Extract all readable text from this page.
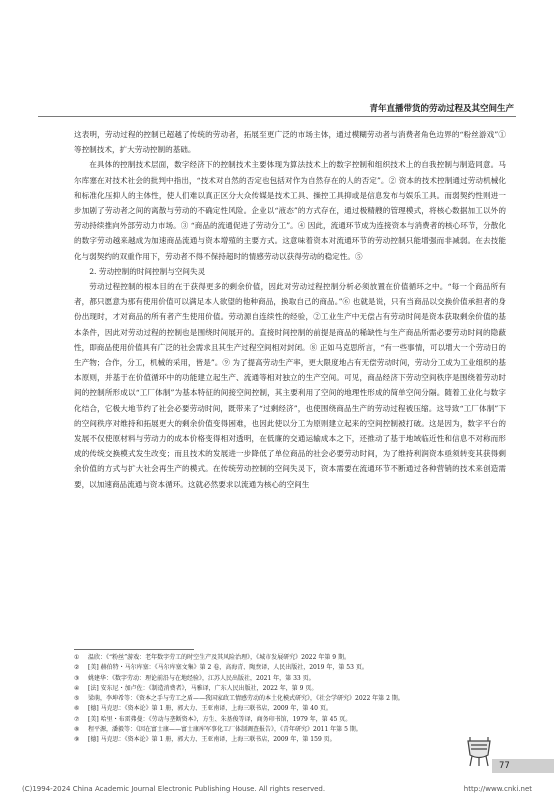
青年直播带货的劳动过程及其空间生产

这表明，劳动过程的控制已超越了传统的劳动者，拓展至更广泛的市场主体，通过模糊劳动者与消费者角色边界的“粉丝游戏”①等控制技术，扩大劳动控制的基础。

在具体的控制技术层面，数字经济下的控制技术主要体现为算法技术上的数字控制和组织技术上的自我控制与制造同意。马尔库塞在对技术社会的批判中指出，“技术对自然的否定也包括对作为自然存在的人的否定”。② 资本的技术控制通过劳动机械化和标准化压抑人的主体性，使人们难以真正区分大众传媒是技术工具、操控工具抑或是信息发布与娱乐工具。而弱契约性则进一步加剧了劳动者之间的离散与劳动的不确定性风险。企业以“液态”的方式存在，通过极精艘的管理模式，将核心数据加工以外的劳动持续推向外部劳动力市场。③ “商品的流通促进了劳动分工”。④ 因此，流通环节成为连接资本与消费者的核心环节，分散化的数字劳动越来越成为加速商品流通与资本增殖的主要方式。这意味着资本对流通环节的劳动控制只能增强而非减弱。在去技能化与弱契约的双重作用下，劳动者不得不保持超时的情感劳动以获得劳动的稳定性。⑤

2. 劳动控制的时间控制与空间失灵

劳动过程控制的根本目的在于获得更多的剩余价值，因此对劳动过程控制分析必须放置在价值循环之中。“每一个商品所有者，都只愿意为那有使用价值可以满足本人欲望的他种商品，换取自己的商品。”⑥ 也就是说，只有当商品以交换价值承担者的身份出现时，才对商品的所有者产生使用价值。劳动源自连续性的经验，②工业生产中无偿占有劳动时间是资本获取剩余价值的基本条件，因此对劳动过程的控制也是围绕时间展开的。直接时间控制的前提是商品的稀缺性与生产商品所需必要劳动时间的隐蔽性，即商品使用价值具有广泛的社会需求且其生产过程空间相对封闭。⑧ 正如马克思所言，“有一些事情，可以增大一个劳动日的生产物；合作，分工，机械的采用，皆是”。⑨ 为了提高劳动生产率，更大限度地占有无偿劳动时间，劳动分工成为工业组织的基本原则，并基于在价值循环中的功能建立起生产、流通等相对独立的生产空间。可见，商品经济下劳动空间秩序是围绕着劳动时间的控制所形成以“工厂体制”为基本特征的间接空间控制，其主要利用了空间的地理性形成的简单空间分隔。随着工业化与数字化结合，它极大地节约了社会必要劳动时间，既带来了“过剩经济”，也使围绕商品生产的劳动过程被压缩。这导致“工厂体制”下的空间秩序对维持和拓展更大的剩余价值变得困难，也因此使以分工为原则建立起来的空间控制被打破。这是因为，数字平台的发展不仅使原材料与劳动力的成本价格变得相对透明，在低廉的交通运输成本之下，还推动了基于地域临近性和信息不对称而形成的传统交换模式发生改变；而且技术的发展进一步降低了单位商品的社会必要劳动时间，为了维持利润资本亟须转变其获得剩余价值的方式与扩大社会再生产的模式。在传统劳动控制的空间失灵下，资本需要在流通环节不断通过各种营销的技术来创造需要，以加速商品流通与资本循环。这就必然要求以流通为核心的空间生

①	温欣：《“粉丝”游戏：老年数字劳工的时空生产及其风险治理》，《城市发展研究》2022 年第 9 期。
②	[美] 赫伯特・马尔库塞：《马尔库塞文集》第 2 卷，高海青、陶焘译，人民出版社，2019 年，第 53 页。
③	姚建华：《数字劳动：理论前沿与在地经验》，江苏人民出版社，2021 年，第 33 页。
④	[法] 安东尼・加卢佐：《制造消费者》，马雅译，广东人民出版社，2022 年，第 9 页。
⑤	梁萌，李坤希等：《资本之手与劳工之盾——我国家政工情感劳动的本土化模式研究》，《社会学研究》2022 年第 2 期。
⑥	[德] 马克思：《资本论》第 1 册，郭大力、王亚南译，上海三联书店，2009 年，第 40 页。
⑦	[美] 哈里・布雷弗曼：《劳动与垄断资本》，方生、朱基俊等译，商务印书馆，1979 年，第 45 页。
⑧	程平源，潘毅等：《因在富士康——富士康库军事化工厂体制调查报告》，《青年研究》2011 年第 5 期。
⑨	[德] 马克思：《资本论》第 1 册，郭大力、王亚南译，上海三联书店，2009 年，第 159 页。
77
(C)1994-2024 China Academic Journal Electronic Publishing House. All rights reserved.	http://www.cnki.net
